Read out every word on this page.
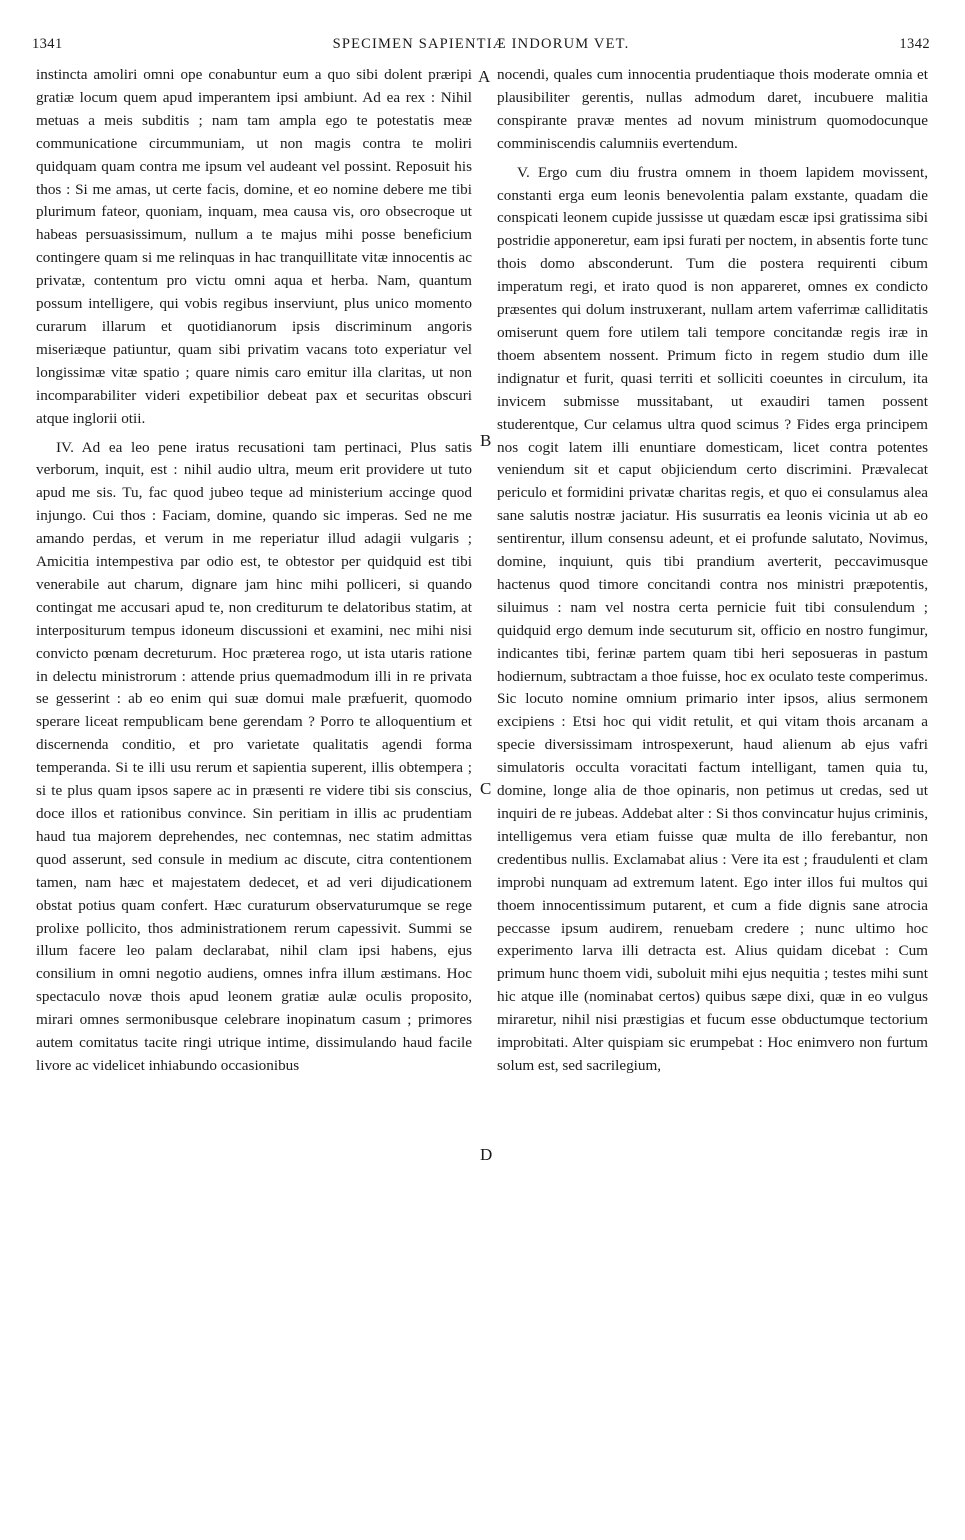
1341	SPECIMEN SAPIENTIÆ INDORUM VET.	1342

instincta amoliri omni ope conabuntur eum a quo sibi dolent præripi gratiæ locum quem apud imperantem ipsi ambiunt. Ad ea rex : Nihil metuas a meis subditis ; nam tam ampla ego te potestatis meæ communicatione circummuniam, ut non magis contra te moliri quidquam quam contra me ipsum vel audeant vel possint. Reposuit his thos : Si me amas, ut certe facis, domine, et eo nomine debere me tibi plurimum fateor, quoniam, inquam, mea causa vis, oro obsecroque ut habeas persuasissimum, nullum a te majus mihi posse beneficium contingere quam si me relinquas in hac tranquillitate vitæ innocentis ac privatæ, contentum pro victu omni aqua et herba. Nam, quantum possum intelligere, qui vobis regibus inserviunt, plus unico momento curarum illarum et quotidianorum ipsis discriminum angoris miseriæque patiuntur, quam sibi privatim vacans toto experiatur vel longissimæ vitæ spatio ; quare nimis caro emitur illa claritas, ut non incomparabiliter videri expetibilior debeat pax et securitas obscuri atque inglorii otii.

IV. Ad ea leo pene iratus recusationi tam pertinaci, Plus satis verborum, inquit, est : nihil audio ultra, meum erit providere ut tuto apud me sis. Tu, fac quod jubeo teque ad ministerium accinge quod injungo. Cui thos : Faciam, domine, quando sic imperas. Sed ne me amando perdas, et verum in me reperiatur illud adagii vulgaris ; Amicitia intempestiva par odio est, te obtestor per quidquid est tibi venerabile aut charum, dignare jam hinc mihi polliceri, si quando contingat me accusari apud te, non crediturum te delatoribus statim, at interpositurum tempus idoneum discussioni et examini, nec mihi nisi convicto pœnam decreturum. Hoc præterea rogo, ut ista utaris ratione in delectu ministrorum : attende prius quemadmodum illi in re privata se gesserint : ab eo enim qui suæ domui male præfuerit, quomodo sperare liceat rempublicam bene gerendam ? Porro te alloquentium et discernenda conditio, et pro varietate qualitatis agendi forma temperanda. Si te illi usu rerum et sapientia superent, illis obtempera ; si te plus quam ipsos sapere ac in præsenti re videre tibi sis conscius, doce illos et rationibus convince. Sin peritiam in illis ac prudentiam haud tua majorem deprehendes, nec contemnas, nec statim admittas quod asserunt, sed consule in medium ac discute, citra contentionem tamen, nam hæc et majestatem dedecet, et ad veri dijudicationem obstat potius quam confert. Hæc curaturum observaturumque se rege prolixe pollicito, thos administrationem rerum capessivit. Summi se illum facere leo palam declarabat, nihil clam ipsi habens, ejus consilium in omni negotio audiens, omnes infra illum æstimans. Hoc spectaculo novæ thois apud leonem gratiæ aulæ oculis proposito, mirari omnes sermonibusque celebrare inopinatum casum ; primores autem comitatus tacite ringi utrique intime, dissimulando haud facile livore ac videlicet inhiabundo occasionibus

nocendi, quales cum innocentia prudentiaque thois moderate omnia et plausibiliter gerentis, nullas admodum daret, incubuere malitia conspirante pravæ mentes ad novum ministrum quomodocunque comminiscendis calumniis evertendum.

V. Ergo cum diu frustra omnem in thoem lapidem movissent, constanti erga eum leonis benevolentia palam exstante, quadam die conspicati leonem cupide jussisse ut quædam escæ ipsi gratissima sibi postridie apponeretur, eam ipsi furati per noctem, in absentis forte tunc thois domo absconderunt. Tum die postera requirenti cibum imperatum regi, et irato quod is non appareret, omnes ex condicto præsentes qui dolum instruxerant, nullam artem vaferrimæ calliditatis omiserunt quem fore utilem tali tempore concitandæ regis iræ in thoem absentem nossent. Primum ficto in regem studio dum ille indignatur et furit, quasi territi et solliciti coeuntes in circulum, ita invicem submisse mussitabant, ut exaudiri tamen possent studerentque, Cur celamus ultra quod scimus ? Fides erga principem nos cogit latem illi enuntiare domesticam, licet contra potentes veniendum sit et caput objiciendum certo discrimini. Prævalecat periculo et formidini privatæ charitas regis, et quo ei consulamus alea sane salutis nostræ jaciatur. His susurratis ea leonis vicinia ut ab eo sentirentur, illum consensu adeunt, et ei profunde salutato, Novimus, domine, inquiunt, quis tibi prandium averterit, peccavimusque hactenus quod timore concitandi contra nos ministri præpotentis, siluimus : nam vel nostra certa pernicie fuit tibi consulendum ; quidquid ergo demum inde secuturum sit, officio en nostro fungimur, indicantes tibi, ferinæ partem quam tibi heri seposueras in pastum hodiernum, subtractam a thoe fuisse, hoc ex oculato teste comperimus. Sic locuto nomine omnium primario inter ipsos, alius sermonem excipiens : Etsi hoc qui vidit retulit, et qui vitam thois arcanam a specie diversissimam introspexerunt, haud alienum ab ejus vafri simulatoris occulta voracitati factum intelligant, tamen quia tu, domine, longe alia de thoe opinaris, non petimus ut credas, sed ut inquiri de re jubeas. Addebat alter : Si thos convincatur hujus criminis, intelligemus vera etiam fuisse quæ multa de illo ferebantur, non credentibus nullis. Exclamabat alius : Vere ita est ; fraudulenti et clam improbi nunquam ad extremum latent. Ego inter illos fui multos qui thoem innocentissimum putarent, et cum a fide dignis sane atrocia peccasse ipsum audirem, renuebam credere ; nunc ultimo hoc experimento larva illi detracta est. Alius quidam dicebat : Cum primum hunc thoem vidi, suboluit mihi ejus nequitia ; testes mihi sunt hic atque ille (nominabat certos) quibus sæpe dixi, quæ in eo vulgus miraretur, nihil nisi præstigias et fucum esse obductumque tectorium improbitati. Alter quispiam sic erumpebat : Hoc enimvero non furtum solum est, sed sacrilegium,

A
B
C
D
